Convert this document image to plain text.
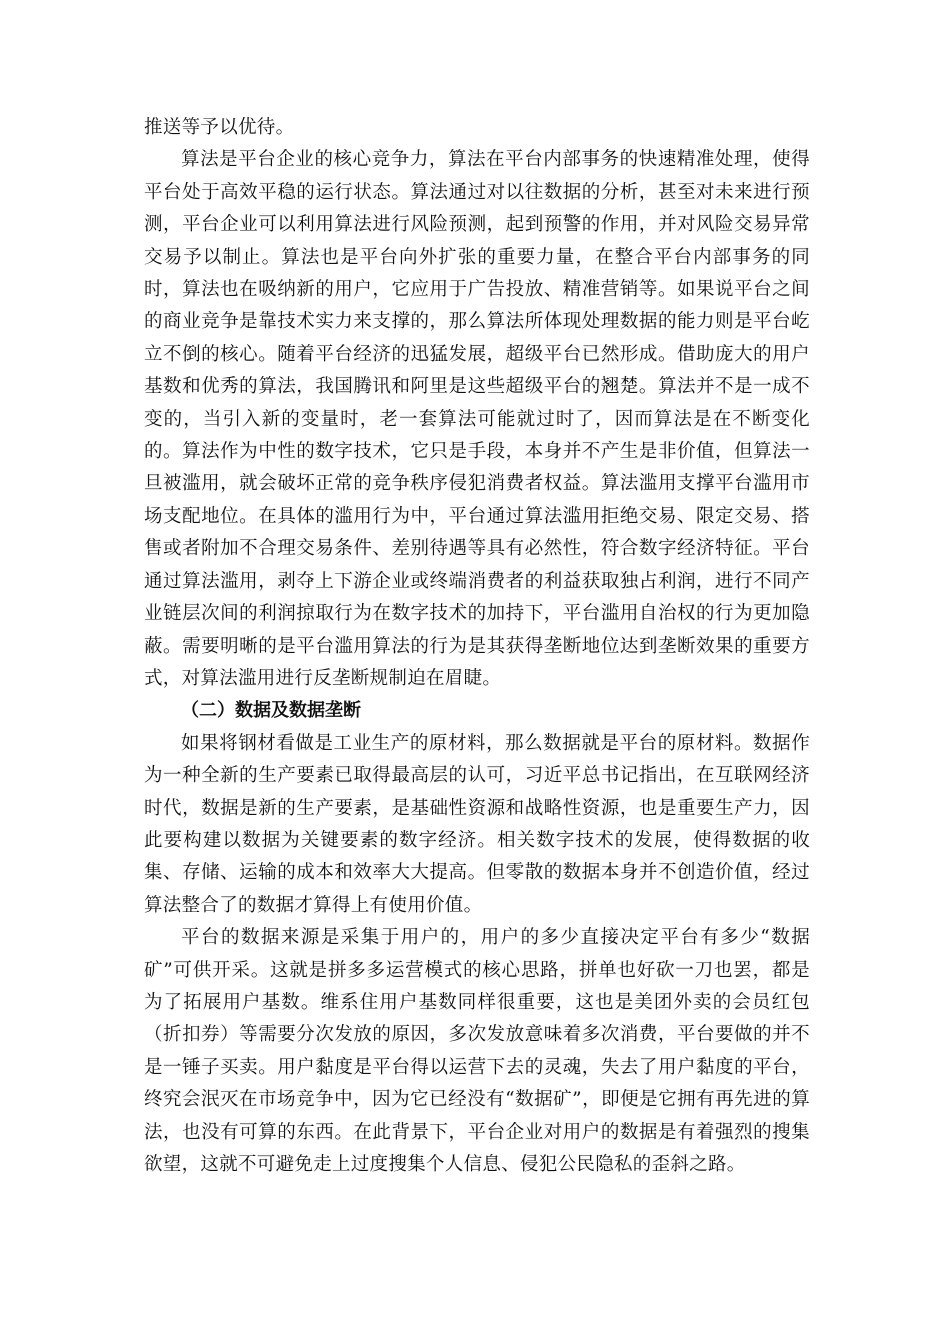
推送等予以优待。

算法是平台企业的核心竞争力，算法在平台内部事务的快速精准处理，使得平台处于高效平稳的运行状态。算法通过对以往数据的分析，甚至对未来进行预测，平台企业可以利用算法进行风险预测，起到预警的作用，并对风险交易异常交易予以制止。算法也是平台向外扩张的重要力量，在整合平台内部事务的同时，算法也在吸纳新的用户，它应用于广告投放、精准营销等。如果说平台之间的商业竞争是靠技术实力来支撑的，那么算法所体现处理数据的能力则是平台屹立不倒的核心。随着平台经济的迅猛发展，超级平台已然形成。借助庞大的用户基数和优秀的算法，我国腾讯和阿里是这些超级平台的翘楚。算法并不是一成不变的，当引入新的变量时，老一套算法可能就过时了，因而算法是在不断变化的。算法作为中性的数字技术，它只是手段，本身并不产生是非价值，但算法一旦被滥用，就会破坏正常的竞争秩序侵犯消费者权益。算法滥用支撑平台滥用市场支配地位。在具体的滥用行为中，平台通过算法滥用拒绝交易、限定交易、搭售或者附加不合理交易条件、差别待遇等具有必然性，符合数字经济特征。平台通过算法滥用，剥夺上下游企业或终端消费者的利益获取独占利润，进行不同产业链层次间的利润掠取行为在数字技术的加持下，平台滥用自治权的行为更加隐蔽。需要明晰的是平台滥用算法的行为是其获得垄断地位达到垄断效果的重要方式，对算法滥用进行反垄断规制迫在眉睫。

（二）数据及数据垄断

如果将钢材看做是工业生产的原材料，那么数据就是平台的原材料。数据作为一种全新的生产要素已取得最高层的认可，习近平总书记指出，在互联网经济时代，数据是新的生产要素，是基础性资源和战略性资源，也是重要生产力，因此要构建以数据为关键要素的数字经济。相关数字技术的发展，使得数据的收集、存储、运输的成本和效率大大提高。但零散的数据本身并不创造价值，经过算法整合了的数据才算得上有使用价值。

平台的数据来源是采集于用户的，用户的多少直接决定平台有多少“数据矿”可供开采。这就是拼多多运营模式的核心思路，拼单也好砍一刀也罢，都是为了拓展用户基数。维系住用户基数同样很重要，这也是美团外卖的会员红包（折扣券）等需要分次发放的原因，多次发放意味着多次消费，平台要做的并不是一锤子买卖。用户黏度是平台得以运营下去的灵魂，失去了用户黏度的平台，终究会泯灭在市场竞争中，因为它已经没有“数据矿”，即便是它拥有再先进的算法，也没有可算的东西。在此背景下，平台企业对用户的数据是有着强烈的搜集欲望，这就不可避免走上过度搜集个人信息、侵犯公民隐私的歪斜之路。
